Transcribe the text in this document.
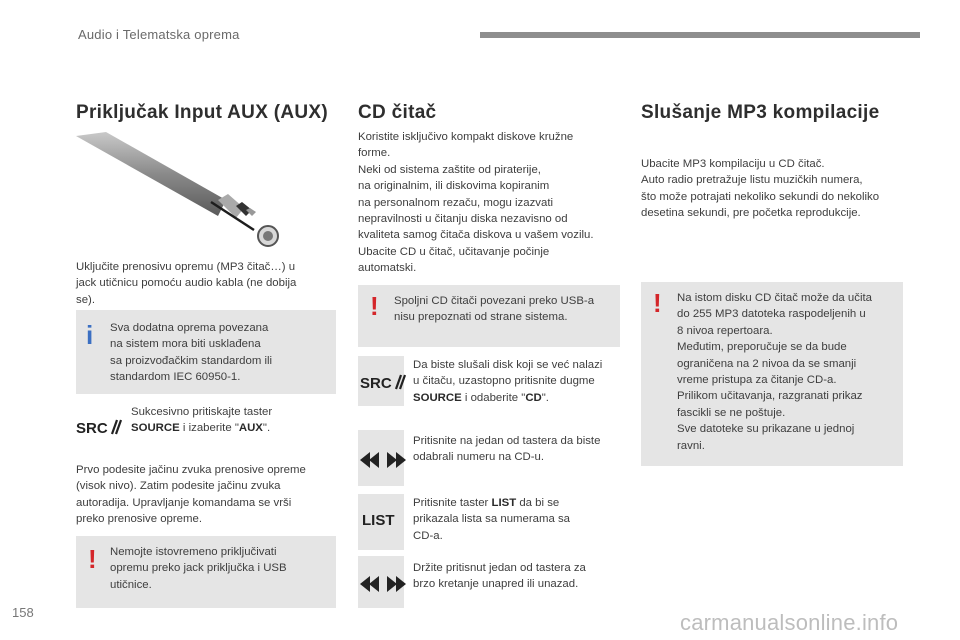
Audio i Telematska oprema
Priključak Input AUX (AUX)

Uključite prenosivu opremu (MP3 čitač…) u
jack utičnicu pomoću audio kabla (ne dobija
se).

i Sva dodatna oprema povezana
na sistem mora biti usklađena
sa proizvođačkim standardom ili
standardom IEC 60950-1.

SRC

Sukcesivno pritiskajte taster
SOURCE i izaberite "AUX".

Prvo podesite jačinu zvuka prenosive opreme
(visok nivo). Zatim podesite jačinu zvuka
autoradija. Upravljanje komandama se vrši
preko prenosive opreme.

! Nemojte istovremeno priključivati
opremu preko jack priključka i USB
utičnice.

CD čitač

Koristite isključivo kompakt diskove kružne
forme.
Neki od sistema zaštite od piraterije,
na originalnim, ili diskovima kopiranim
na personalnom rezaču, mogu izazvati
nepravilnosti u čitanju diska nezavisno od
kvaliteta samog čitača diskova u vašem vozilu.
Ubacite CD u čitač, učitavanje počinje
automatski.

! Spoljni CD čitači povezani preko USB-a
nisu prepoznati od strane sistema.

SRC

Da biste slušali disk koji se već nalazi
u čitaču, uzastopno pritisnite dugme
SOURCE i odaberite "CD".

Pritisnite na jedan od tastera da biste
odabrali numeru na CD-u.

LIST

Pritisnite taster LIST da bi se
prikazala lista sa numerama sa
CD-a.

Držite pritisnut jedan od tastera za
brzo kretanje unapred ili unazad.

Slušanje MP3 kompilacije

Ubacite MP3 kompilaciju u CD čitač.
Auto radio pretražuje listu muzičkih numera,
što može potrajati nekoliko sekundi do nekoliko
desetina sekundi, pre početka reprodukcije.

! Na istom disku CD čitač može da učita
do 255 MP3 datoteka raspodeljenih u
8 nivoa repertoara.
Međutim, preporučuje se da bude
ograničena na 2 nivoa da se smanji
vreme pristupa za čitanje CD-a.
Prilikom učitavanja, razgranati prikaz
fascikli se ne poštuje.
Sve datoteke su prikazane u jednoj
ravni.

158	carmanualsonline.info
